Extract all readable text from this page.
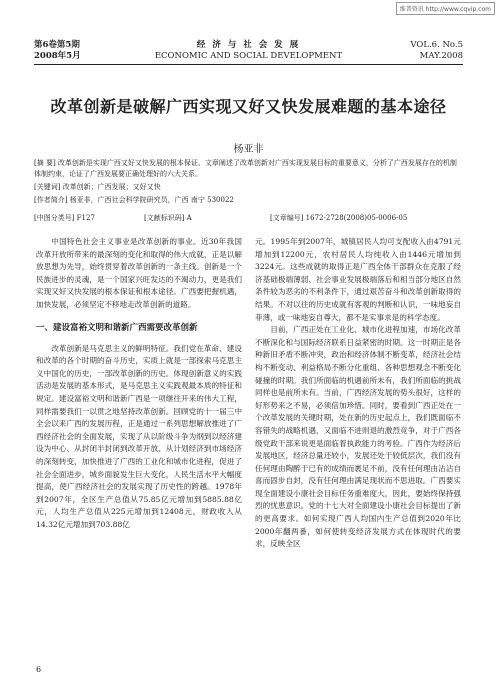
维普资讯 http://www.cqvip.com
第6卷第5期
2008年5月
经 济 与 社 会 发 展
ECONOMIC AND SOCIAL DEVELOPMENT
VOL.6. No.5
MAY.2008
改革创新是破解广西实现又好又快发展难题的基本途径
杨亚非
[摘 要] 改革创新是实现广西又好又快发展的根本保证。文章阐述了改革创新对广西实现发展目标的重要意义，分析了广西发展存在的机制体制约束，论证了广西发展要正确处理好的六大关系。
[关键词] 改革创新；广西发展；又好又快
[作者简介] 杨亚非，广西社会科学院研究员，广西 南宁 530022
[中图分类号] F127	[文献标识码] A	[文章编号] 1672-2728(2008)05-0006-05

中国特色社会主义事业是改革创新的事业。近30年我国改革开放所带来的最深刻的变化和取得的伟大成就，正是以解放思想为先导，始终贯穿着改革创新的一条主线。创新是一个民族进步的灵魂，是一个国家兴旺发达的不竭动力，更是我们实现又好又快发展的根本保证和根本途径。广西要把握机遇，加快发展，必须坚定不移地走改革创新的道路。

一、建设富裕文明和谐新广西需要改革创新

改革创新是马克思主义的鲜明特征。我们党在革命、建设和改革的各个时期的奋斗历史，实质上就是一部探索马克思主义中国化的历史，一部改革创新的历史。体现创新意义的实践活动是发展的基本形式，是马克思主义实践观最本质的特征和规定。建设富裕文明和谐新广西是一项继往开来的伟大工程，同样需要我们一以贯之地坚持改革创新。回顾党的十一届三中全会以来广西的发展历程，正是通过一系列思想解放推进了广西经济社会的全面发展，实现了从以阶级斗争为纲到以经济建设为中心、从封闭半封闭到改革开放、从计划经济到市场经济的深刻转变，加快推进了广西的工业化和城市化进程，促进了社会全面进步，城乡面貌发生巨大变化，人民生活水平大幅度提高，使广西经济社会的发展实现了历史性的跨越。1978年到2007年，全区生产总值从75.85亿元增加到5885.88亿元，人均生产总值从225元增加到12408元，财政收入从14.32亿元增加到703.88亿

元。1995年到2007年，城镇居民人均可支配收入由4791元增加到12200元，农村居民人均纯收入由1446元增加到3224元。这些成就的取得正是广西全体干部群众在克服了经济基础极端薄弱、社会事业发展极端落后和相当部分地区自然条件较为恶劣的不利条件下，通过艰苦奋斗和改革创新取得的结果。不对以往的历史成就有客观的判断和认识，一味地妄自菲薄，或一味地妄自尊大，都不是实事求是的科学态度。

目前，广西正处在工业化、城市化进程加速，市场化改革不断深化和与国际经济联系日益紧密的时期。这一时期正是各种新旧矛盾不断冲突，政治和经济体制不断变革，经济社会结构不断变动、利益格局不断分化重组、各种思想观念不断变化碰撞的时期。我们所面临的机遇前所未有，我们所面临的挑战同样也是前所未有。当前，广西经济发展的势头很好，这样的好形势来之不易，必须倍加珍惜。同时，要看到广西正处在一个改革发展的关键时期，处在新的历史起点上，我们既面临不容错失的战略机遇，又面临不进则退的激烈竞争，对于广西各级党政干部来说更是面临着执政能力的考验。广西作为经济后发展地区，经济总量还较小，发展还处于较低层次，我们没有任何理由陶醉于已有的成绩而裹足不前，没有任何理由沾沾自喜而固步自封，没有任何理由满足现状而不思进取。广西要实现全面建设小康社会目标任务重难度大，因此，要始终保持强烈的忧患意识。党的十七大对全面建设小康社会目标提出了新的更高要求。如何实现广西人均国内生产总值到2020年比2000年翻两番，如何使转变经济发展方式在体现时代的要求，反映全区

6
